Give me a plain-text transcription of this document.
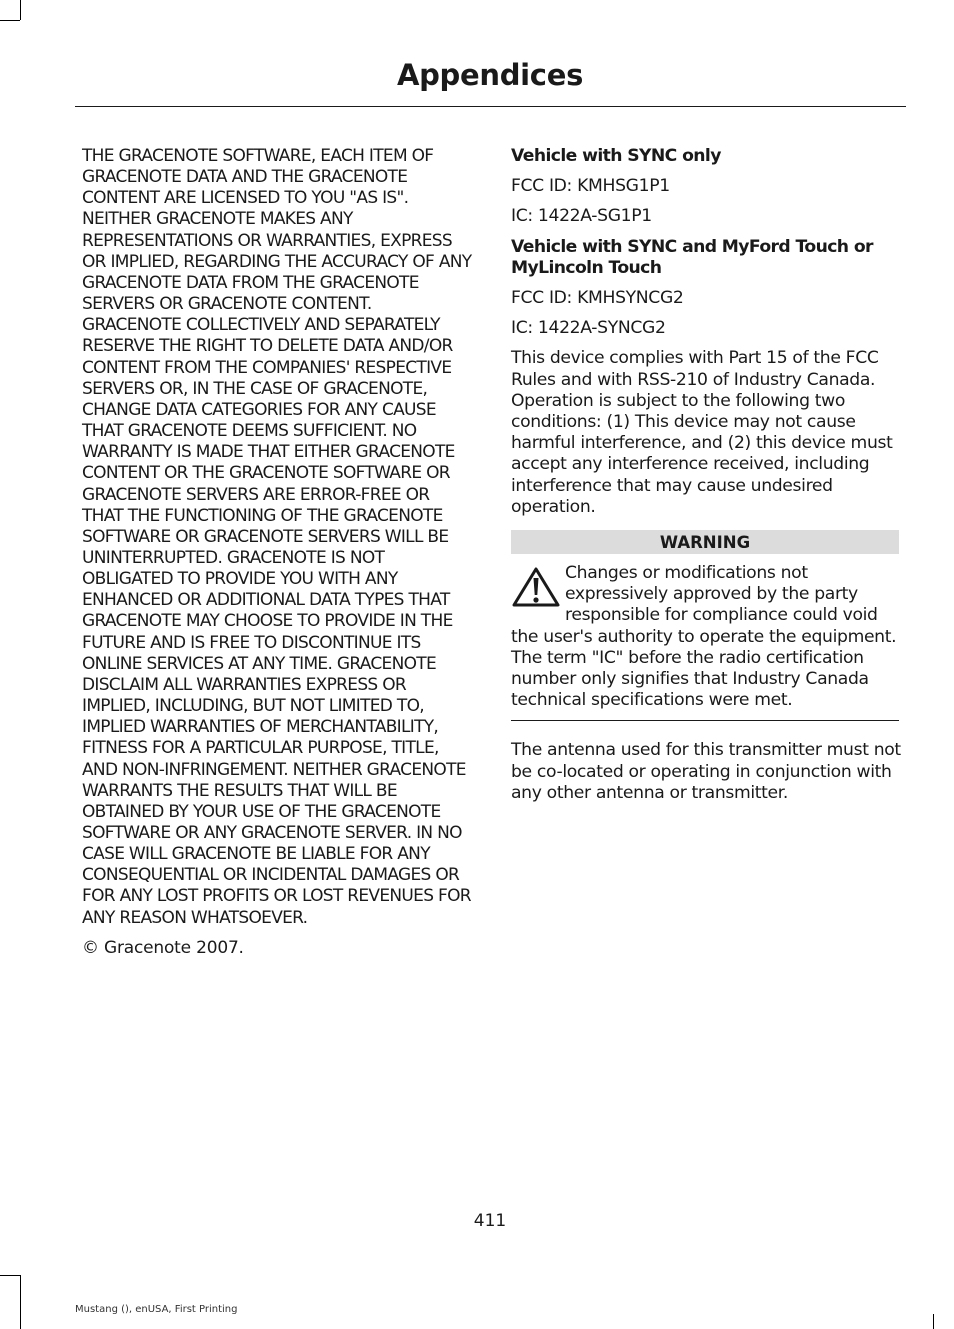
Appendices

THE GRACENOTE SOFTWARE, EACH ITEM OF GRACENOTE DATA AND THE GRACENOTE CONTENT ARE LICENSED TO YOU "AS IS". NEITHER GRACENOTE MAKES ANY REPRESENTATIONS OR WARRANTIES, EXPRESS OR IMPLIED, REGARDING THE ACCURACY OF ANY GRACENOTE DATA FROM THE GRACENOTE SERVERS OR GRACENOTE CONTENT. GRACENOTE COLLECTIVELY AND SEPARATELY RESERVE THE RIGHT TO DELETE DATA AND/OR CONTENT FROM THE COMPANIES' RESPECTIVE SERVERS OR, IN THE CASE OF GRACENOTE, CHANGE DATA CATEGORIES FOR ANY CAUSE THAT GRACENOTE DEEMS SUFFICIENT. NO WARRANTY IS MADE THAT EITHER GRACENOTE CONTENT OR THE GRACENOTE SOFTWARE OR GRACENOTE SERVERS ARE ERROR-FREE OR THAT THE FUNCTIONING OF THE GRACENOTE SOFTWARE OR GRACENOTE SERVERS WILL BE UNINTERRUPTED. GRACENOTE IS NOT OBLIGATED TO PROVIDE YOU WITH ANY ENHANCED OR ADDITIONAL DATA TYPES THAT GRACENOTE MAY CHOOSE TO PROVIDE IN THE FUTURE AND IS FREE TO DISCONTINUE ITS ONLINE SERVICES AT ANY TIME. GRACENOTE DISCLAIM ALL WARRANTIES EXPRESS OR IMPLIED, INCLUDING, BUT NOT LIMITED TO, IMPLIED WARRANTIES OF MERCHANTABILITY, FITNESS FOR A PARTICULAR PURPOSE, TITLE, AND NON-INFRINGEMENT. NEITHER GRACENOTE WARRANTS THE RESULTS THAT WILL BE OBTAINED BY YOUR USE OF THE GRACENOTE SOFTWARE OR ANY GRACENOTE SERVER. IN NO CASE WILL GRACENOTE BE LIABLE FOR ANY CONSEQUENTIAL OR INCIDENTAL DAMAGES OR FOR ANY LOST PROFITS OR LOST REVENUES FOR ANY REASON WHATSOEVER.

© Gracenote 2007.

Vehicle with SYNC only

FCC ID: KMHSG1P1

IC: 1422A-SG1P1

Vehicle with SYNC and MyFord Touch or MyLincoln Touch

FCC ID: KMHSYNCG2

IC: 1422A-SYNCG2

This device complies with Part 15 of the FCC Rules and with RSS-210 of Industry Canada. Operation is subject to the following two conditions: (1) This device may not cause harmful interference, and (2) this device must accept any interference received, including interference that may cause undesired operation.

WARNING
Changes or modifications not expressively approved by the party responsible for compliance could void the user's authority to operate the equipment. The term "IC" before the radio certification number only signifies that Industry Canada technical specifications were met.

The antenna used for this transmitter must not be co-located or operating in conjunction with any other antenna or transmitter.

411
Mustang (), enUSA, First Printing
